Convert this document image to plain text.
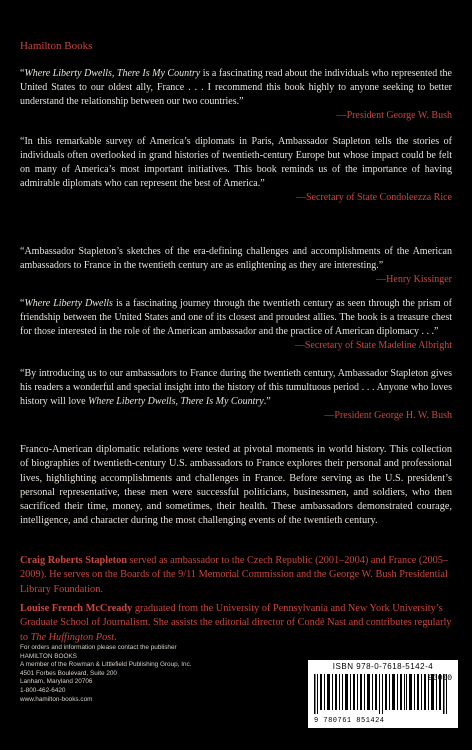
Hamilton Books
“Where Liberty Dwells, There Is My Country is a fascinating read about the individuals who represented the United States to our oldest ally, France . . . I recommend this book highly to anyone seeking to better understand the relationship between our two countries.”
—President George W. Bush
“In this remarkable survey of America’s diplomats in Paris, Ambassador Stapleton tells the stories of individuals often overlooked in grand histories of twentieth-century Europe but whose impact could be felt on many of America’s most important initiatives. This book reminds us of the importance of having admirable diplomats who can represent the best of America.”
—Secretary of State Condoleezza Rice
“Ambassador Stapleton’s sketches of the era-defining challenges and accomplishments of the American ambassadors to France in the twentieth century are as enlightening as they are interesting.”
—Henry Kissinger
“Where Liberty Dwells is a fascinating journey through the twentieth century as seen through the prism of friendship between the United States and one of its closest and proudest allies. The book is a treasure chest for those interested in the role of the American ambassador and the practice of American diplomacy . . .”
—Secretary of State Madeline Albright
“By introducing us to our ambassadors to France during the twentieth century, Ambassador Stapleton gives his readers a wonderful and special insight into the history of this tumultuous period . . . Anyone who loves history will love Where Liberty Dwells, There Is My Country.”
—President George H. W. Bush
Franco-American diplomatic relations were tested at pivotal moments in world history. This collection of biographies of twentieth-century U.S. ambassadors to France explores their personal and professional lives, highlighting accomplishments and challenges in France. Before serving as the U.S. president’s personal representative, these men were successful politicians, businessmen, and soldiers, who then sacrificed their time, money, and sometimes, their health. These ambassadors demonstrated courage, intelligence, and character during the most challenging events of the twentieth century.
Craig Roberts Stapleton served as ambassador to the Czech Republic (2001–2004) and France (2005–2009). He serves on the Boards of the 9/11 Memorial Commission and the George W. Bush Presidential Library Foundation.
Louise French McCready graduated from the University of Pennsylvania and New York University’s Graduate School of Journalism. She assists the editorial director of Condé Nast and contributes regularly to The Huffington Post.
For orders and information please contact the publisher
HAMILTON BOOKS
A member of the Rowman & Littlefield Publishing Group, Inc.
4501 Forbes Boulevard, Suite 200
Lanham, Maryland 20706
1-800-462-6420
www.hamilton-books.com
ISBN 978-0-7618-5142-4
9 780761 851424
90000
